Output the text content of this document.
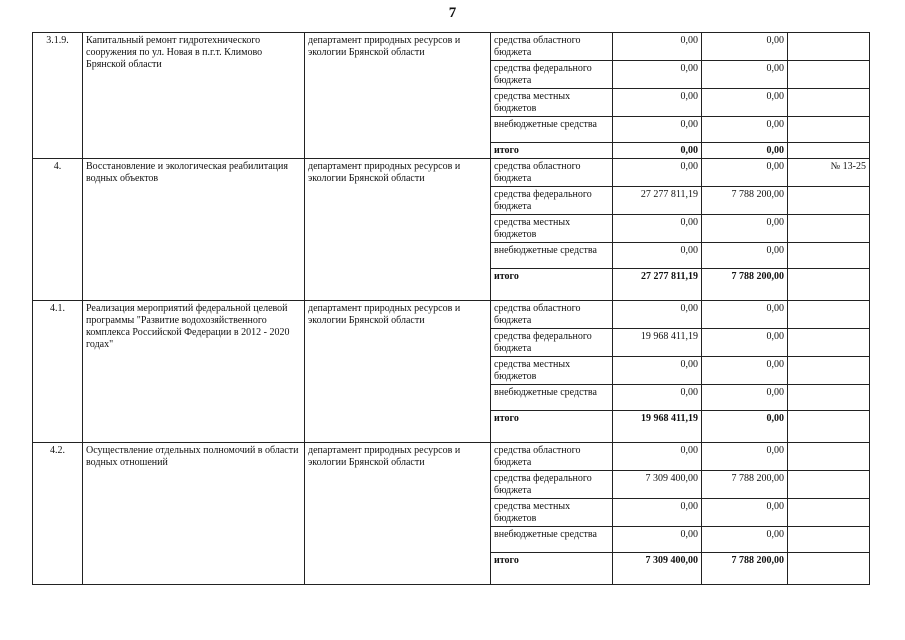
7
3.1.9.	Капитальный ремонт гидротехнического сооружения по ул. Новая в п.г.т. Климово Брянской области	департамент природных ресурсов и экологии Брянской области	средства областного бюджета	0,00	0,00	
			средства федерального бюджета	0,00	0,00	
			средства местных бюджетов	0,00	0,00	
			внебюджетные средства	0,00	0,00	
			итого	0,00	0,00	
4.	Восстановление и экологическая реабилитация водных объектов	департамент природных ресурсов и экологии Брянской области	средства областного бюджета	0,00	0,00	№ 13-25
			средства федерального бюджета	27 277 811,19	7 788 200,00	
			средства местных бюджетов	0,00	0,00	
			внебюджетные средства	0,00	0,00	
			итого	27 277 811,19	7 788 200,00	
4.1.	Реализация мероприятий федеральной целевой программы "Развитие водохозяйственного комплекса Российской Федерации в 2012 - 2020 годах"	департамент природных ресурсов и экологии Брянской области	средства областного бюджета	0,00	0,00	
			средства федерального бюджета	19 968 411,19	0,00	
			средства местных бюджетов	0,00	0,00	
			внебюджетные средства	0,00	0,00	
			итого	19 968 411,19	0,00	
4.2.	Осуществление отдельных полномочий в области водных отношений	департамент природных ресурсов и экологии Брянской области	средства областного бюджета	0,00	0,00	
			средства федерального бюджета	7 309 400,00	7 788 200,00	
			средства местных бюджетов	0,00	0,00	
			внебюджетные средства	0,00	0,00	
			итого	7 309 400,00	7 788 200,00	
